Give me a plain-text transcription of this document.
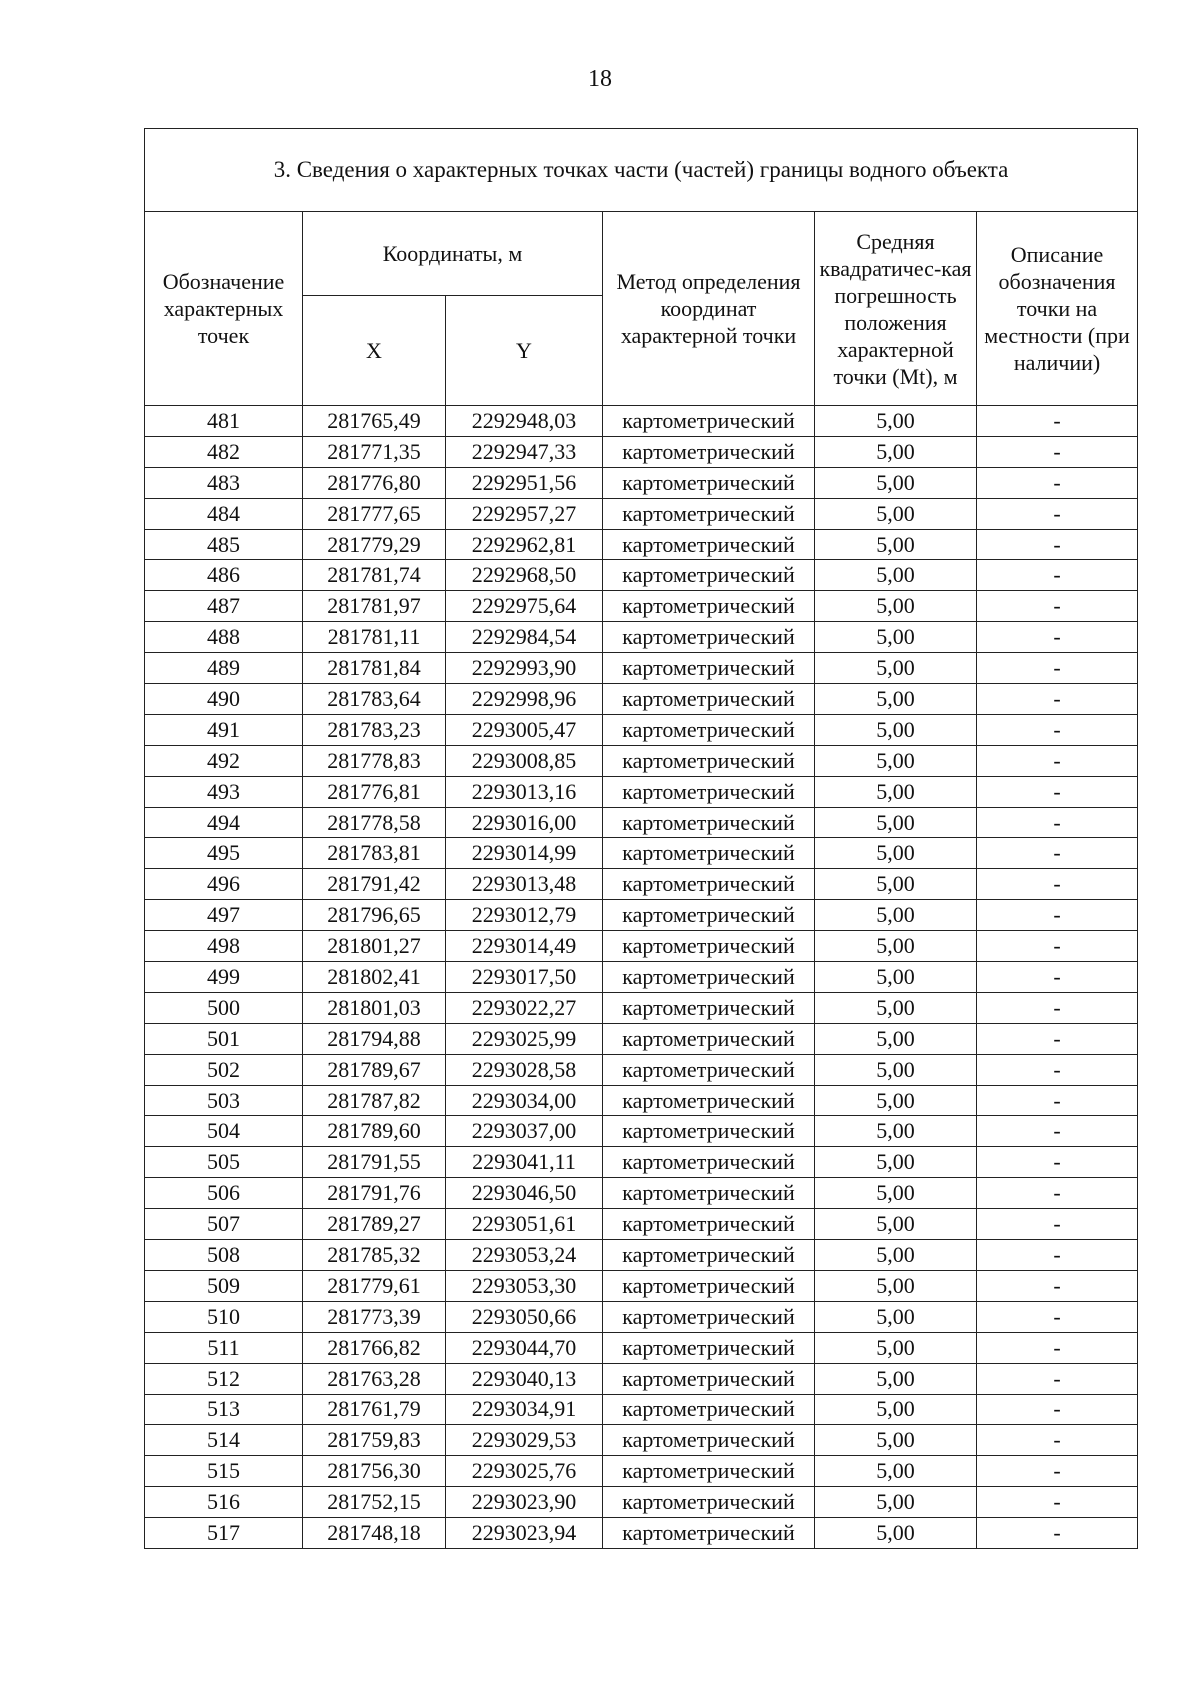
18
3. Сведения о характерных точках части (частей) границы водного объекта					
Обозначение характерных точек	Координаты, м		Метод определения координат характерной точки	Средняя квадратичес-кая погрешность положения характерной точки (Mt), м	Описание обозначения точки на местности (при наличии)
	X	Y			
481	281765,49	2292948,03	картометрический	5,00	-
482	281771,35	2292947,33	картометрический	5,00	-
483	281776,80	2292951,56	картометрический	5,00	-
484	281777,65	2292957,27	картометрический	5,00	-
485	281779,29	2292962,81	картометрический	5,00	-
486	281781,74	2292968,50	картометрический	5,00	-
487	281781,97	2292975,64	картометрический	5,00	-
488	281781,11	2292984,54	картометрический	5,00	-
489	281781,84	2292993,90	картометрический	5,00	-
490	281783,64	2292998,96	картометрический	5,00	-
491	281783,23	2293005,47	картометрический	5,00	-
492	281778,83	2293008,85	картометрический	5,00	-
493	281776,81	2293013,16	картометрический	5,00	-
494	281778,58	2293016,00	картометрический	5,00	-
495	281783,81	2293014,99	картометрический	5,00	-
496	281791,42	2293013,48	картометрический	5,00	-
497	281796,65	2293012,79	картометрический	5,00	-
498	281801,27	2293014,49	картометрический	5,00	-
499	281802,41	2293017,50	картометрический	5,00	-
500	281801,03	2293022,27	картометрический	5,00	-
501	281794,88	2293025,99	картометрический	5,00	-
502	281789,67	2293028,58	картометрический	5,00	-
503	281787,82	2293034,00	картометрический	5,00	-
504	281789,60	2293037,00	картометрический	5,00	-
505	281791,55	2293041,11	картометрический	5,00	-
506	281791,76	2293046,50	картометрический	5,00	-
507	281789,27	2293051,61	картометрический	5,00	-
508	281785,32	2293053,24	картометрический	5,00	-
509	281779,61	2293053,30	картометрический	5,00	-
510	281773,39	2293050,66	картометрический	5,00	-
511	281766,82	2293044,70	картометрический	5,00	-
512	281763,28	2293040,13	картометрический	5,00	-
513	281761,79	2293034,91	картометрический	5,00	-
514	281759,83	2293029,53	картометрический	5,00	-
515	281756,30	2293025,76	картометрический	5,00	-
516	281752,15	2293023,90	картометрический	5,00	-
517	281748,18	2293023,94	картометрический	5,00	-
